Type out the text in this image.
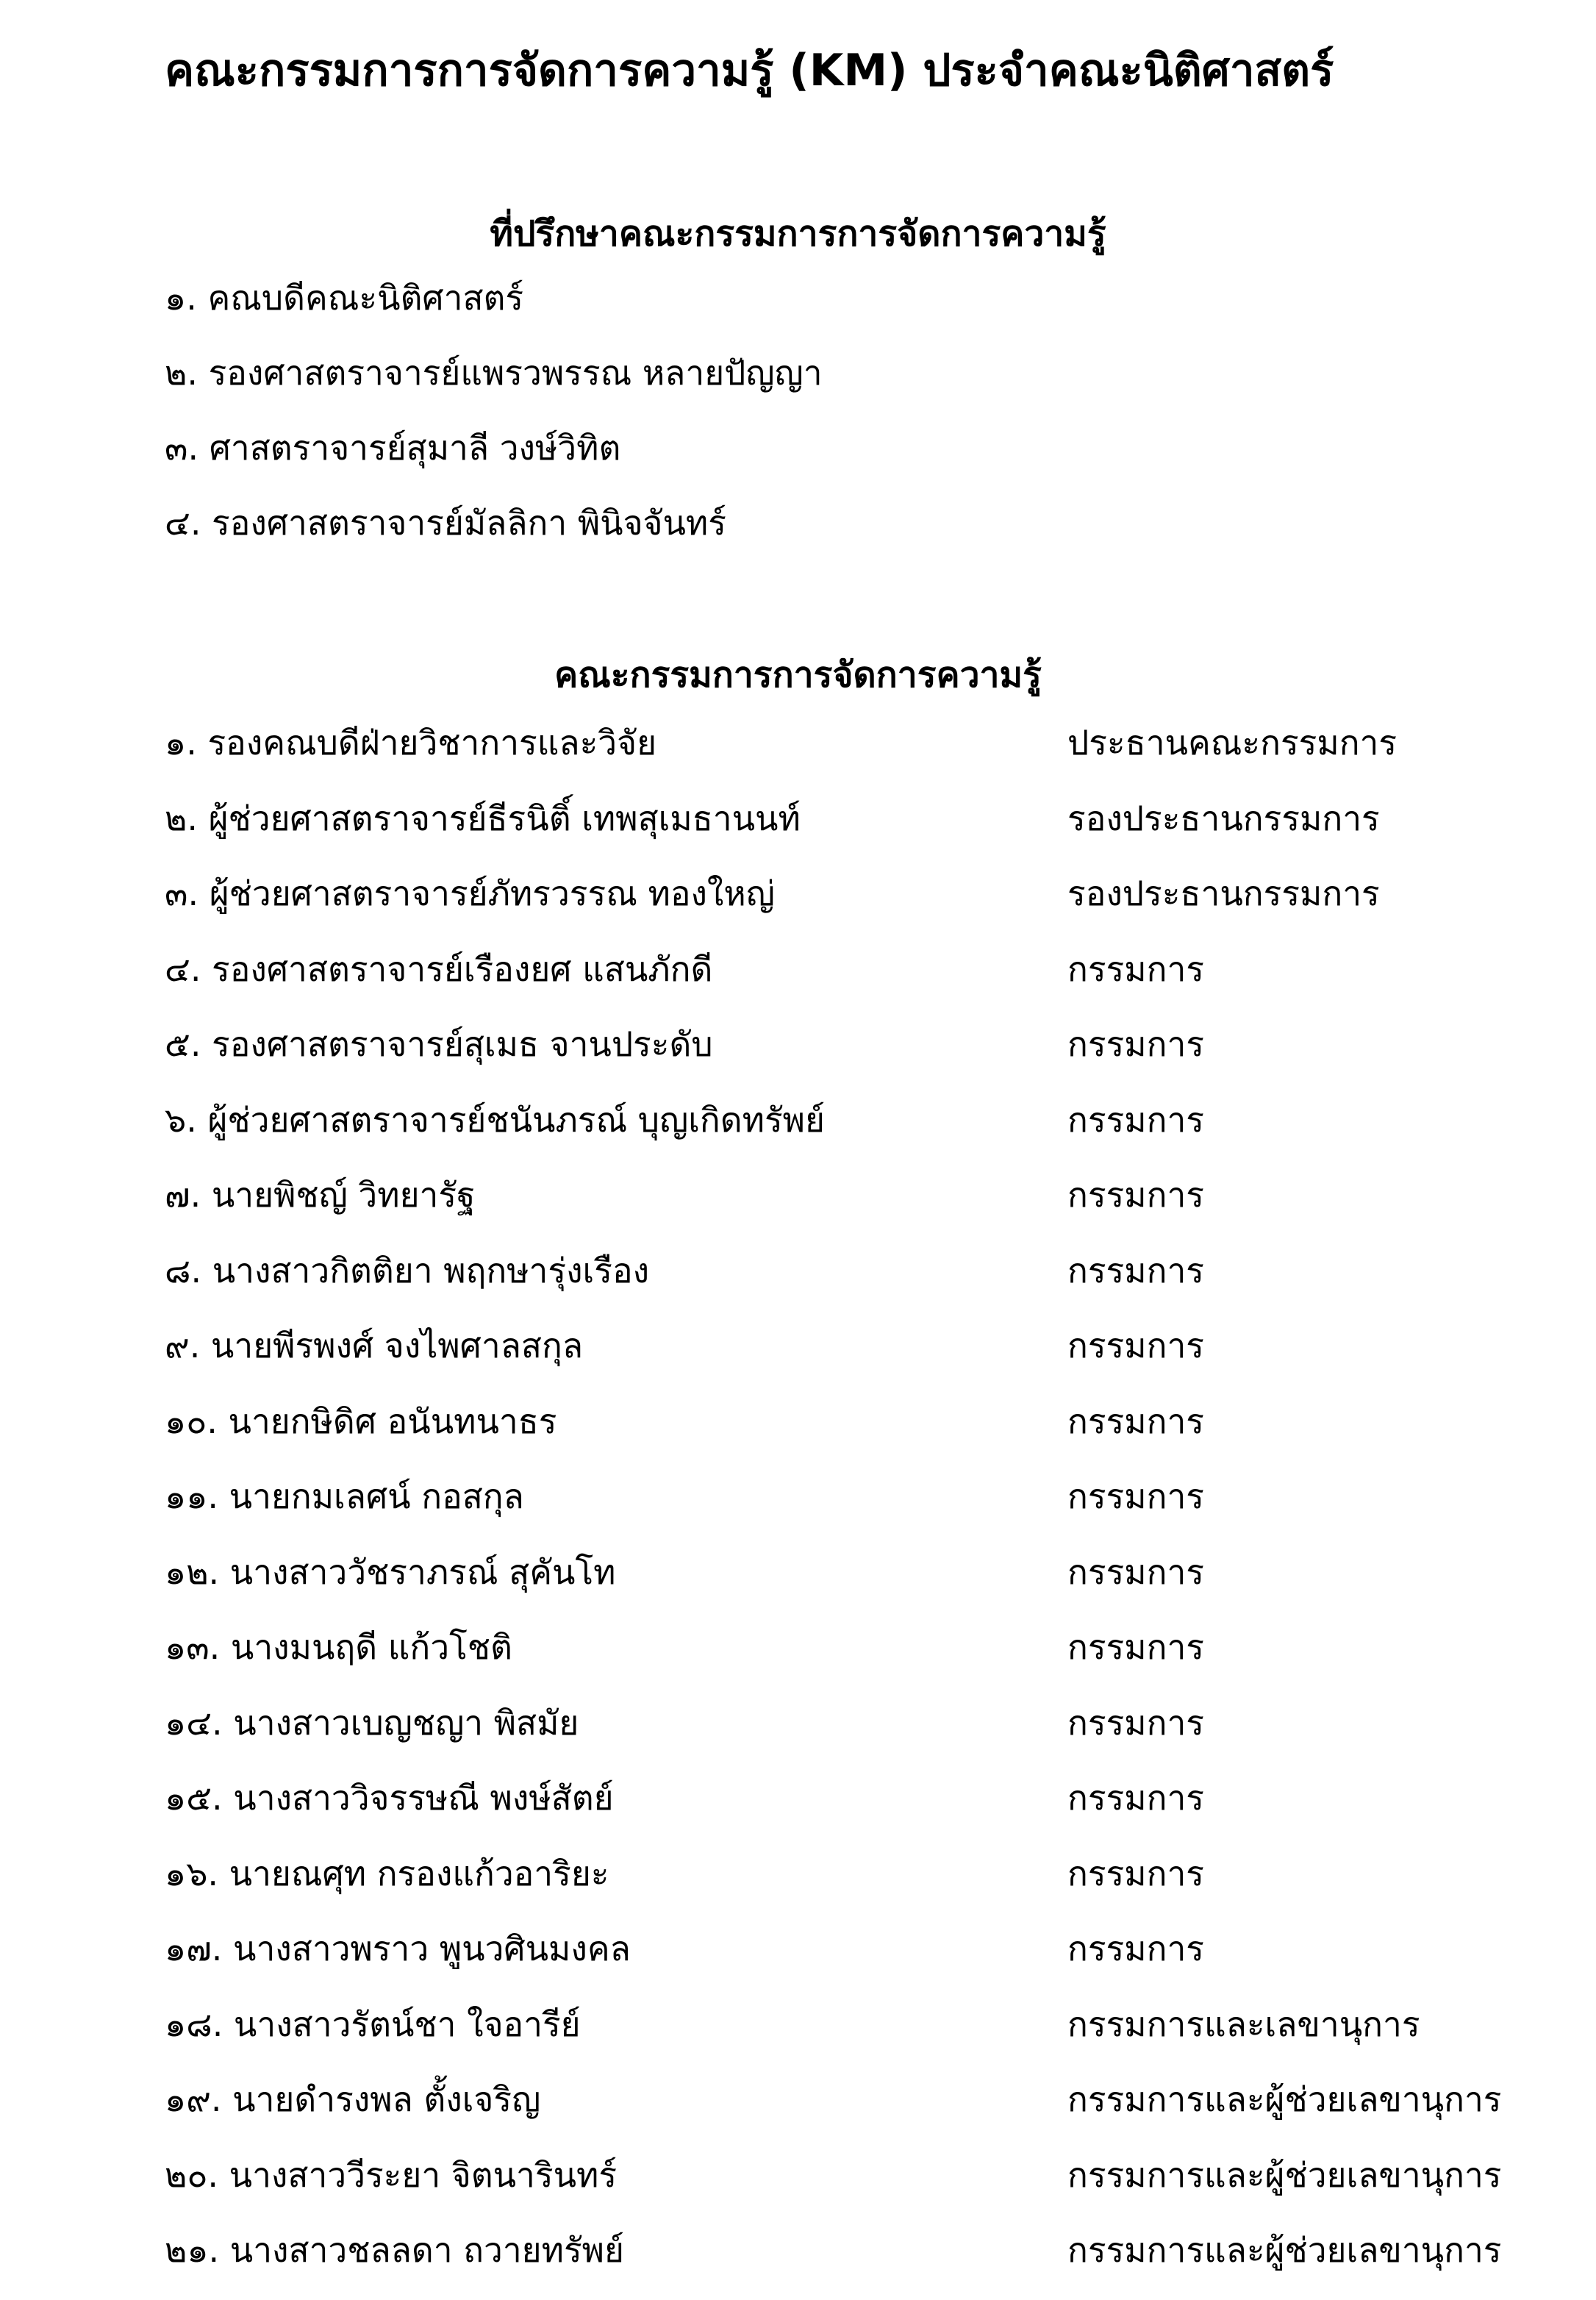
คณะกรรมการการจัดการความรู้ (KM) ประจำคณะนิติศาสตร์
ที่ปรึกษาคณะกรรมการการจัดการความรู้
๑. คณบดีคณะนิติศาสตร์
๒. รองศาสตราจารย์แพรวพรรณ หลายปัญญา
๓. ศาสตราจารย์สุมาลี วงษ์วิทิต
๔. รองศาสตราจารย์มัลลิกา พินิจจันทร์
คณะกรรมการการจัดการความรู้
๑. รองคณบดีฝ่ายวิชาการและวิจัย	ประธานคณะกรรมการ
๒. ผู้ช่วยศาสตราจารย์ธีรนิติ์ เทพสุเมธานนท์	รองประธานกรรมการ
๓. ผู้ช่วยศาสตราจารย์ภัทรวรรณ ทองใหญ่	รองประธานกรรมการ
๔. รองศาสตราจารย์เรืองยศ แสนภักดี	กรรมการ
๕. รองศาสตราจารย์สุเมธ จานประดับ	กรรมการ
๖. ผู้ช่วยศาสตราจารย์ชนันภรณ์ บุญเกิดทรัพย์	กรรมการ
๗. นายพิชญ์ วิทยารัฐ	กรรมการ
๘. นางสาวกิตติยา พฤกษารุ่งเรือง	กรรมการ
๙. นายพีรพงศ์ จงไพศาลสกุล	กรรมการ
๑๐. นายกษิดิศ อนันทนาธร	กรรมการ
๑๑. นายกมเลศน์ กอสกุล	กรรมการ
๑๒. นางสาววัชราภรณ์ สุคันโท	กรรมการ
๑๓. นางมนฤดี แก้วโชติ	กรรมการ
๑๔. นางสาวเบญชญา พิสมัย	กรรมการ
๑๕. นางสาววิจรรษณี พงษ์สัตย์	กรรมการ
๑๖. นายณศุท กรองแก้วอาริยะ	กรรมการ
๑๗. นางสาวพราว พูนวศินมงคล	กรรมการ
๑๘. นางสาวรัตน์ชา ใจอารีย์	กรรมการและเลขานุการ
๑๙. นายดำรงพล ตั้งเจริญ	กรรมการและผู้ช่วยเลขานุการ
๒๐. นางสาววีระยา จิตนารินทร์	กรรมการและผู้ช่วยเลขานุการ
๒๑. นางสาวชลลดา ถวายทรัพย์	กรรมการและผู้ช่วยเลขานุการ
